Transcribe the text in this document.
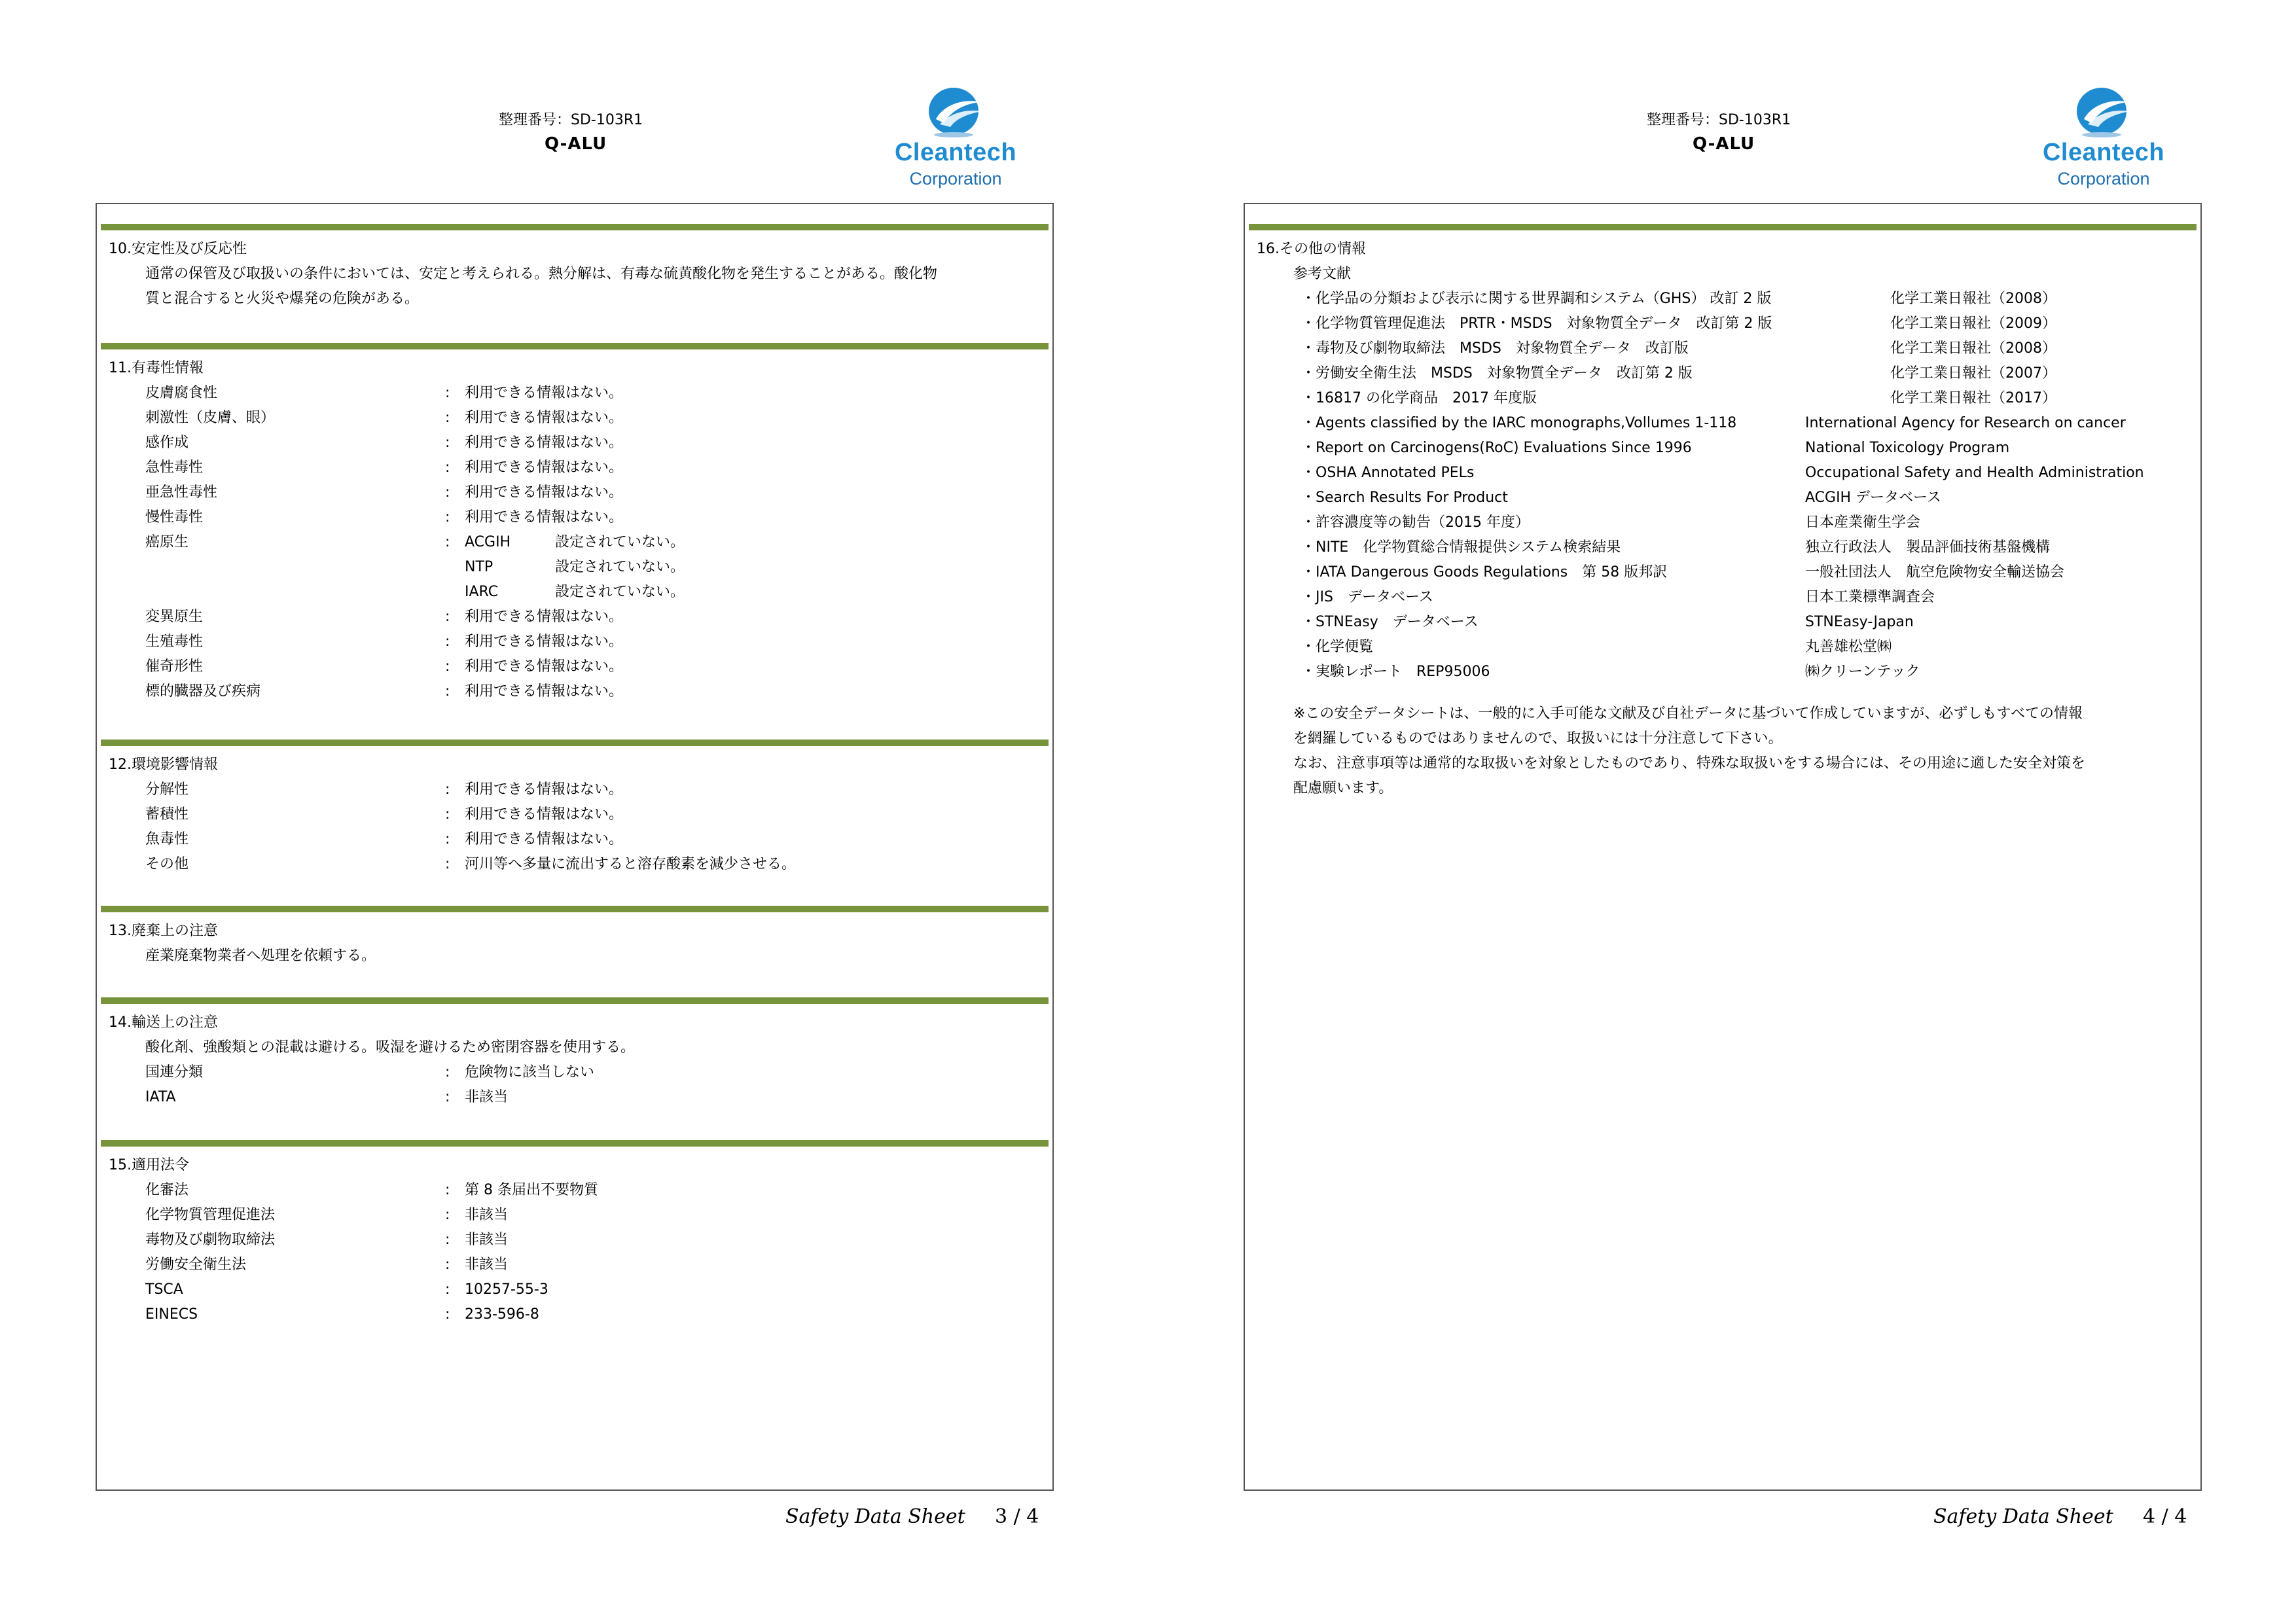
整理番号：SD-103R1
Q-ALU	Cleantech
Corporation
10.安定性及び反応性
通常の保管及び取扱いの条件においては、安定と考えられる。熱分解は、有毒な硫黄酸化物を発生することがある。酸化物
質と混合すると火災や爆発の危険がある。
11.有毒性情報
皮膚腐食性	: 利用できる情報はない。
刺激性（皮膚、眼）	: 利用できる情報はない。
感作成	: 利用できる情報はない。
急性毒性	: 利用できる情報はない。
亜急性毒性	: 利用できる情報はない。
慢性毒性	: 利用できる情報はない。
癌原生	: ACGIH	設定されていない。
NTP	設定されていない。
IARC	設定されていない。
変異原生	: 利用できる情報はない。
生殖毒性	: 利用できる情報はない。
催奇形性	: 利用できる情報はない。
標的臓器及び疾病	: 利用できる情報はない。
12.環境影響情報
分解性	: 利用できる情報はない。
蓄積性	: 利用できる情報はない。
魚毒性	: 利用できる情報はない。
その他	: 河川等へ多量に流出すると溶存酸素を減少させる。
13.廃棄上の注意
産業廃棄物業者へ処理を依頼する。
14.輸送上の注意
酸化剤、強酸類との混載は避ける。吸湿を避けるため密閉容器を使用する。
国連分類	: 危険物に該当しない
IATA	: 非該当
15.適用法令
化審法	: 第 8 条届出不要物質
化学物質管理促進法	: 非該当
毒物及び劇物取締法	: 非該当
労働安全衛生法	: 非該当
TSCA	: 10257-55-3
EINECS	: 233-596-8
Safety Data Sheet 3 / 4
整理番号：SD-103R1
Q-ALU	Cleantech
Corporation
16.その他の情報
参考文献
・化学品の分類および表示に関する世界調和システム（GHS） 改訂 2 版	化学工業日報社（2008）
・化学物質管理促進法　PRTR・MSDS　対象物質全データ　改訂第 2 版	化学工業日報社（2009）
・毒物及び劇物取締法　MSDS　対象物質全データ　改訂版	化学工業日報社（2008）
・労働安全衛生法　MSDS　対象物質全データ　改訂第 2 版	化学工業日報社（2007）
・16817 の化学商品　2017 年度版	化学工業日報社（2017）
・Agents classified by the IARC monographs,Vollumes 1-118	International Agency for Research on cancer
・Report on Carcinogens(RoC) Evaluations Since 1996	National Toxicology Program
・OSHA Annotated PELs	Occupational Safety and Health Administration
・Search Results For Product	ACGIH データベース
・許容濃度等の勧告（2015 年度）	日本産業衛生学会
・NITE　化学物質総合情報提供システム検索結果	独立行政法人　製品評価技術基盤機構
・IATA Dangerous Goods Regulations　第 58 版邦訳	一般社団法人　航空危険物安全輸送協会
・JIS　データベース	日本工業標準調査会
・STNEasy　データベース	STNEasy-Japan
・化学便覧	丸善雄松堂㈱
・実験レポート　REP95006	㈱クリーンテック
※この安全データシートは、一般的に入手可能な文献及び自社データに基づいて作成していますが、必ずしもすべての情報
を網羅しているものではありませんので、取扱いには十分注意して下さい。
なお、注意事項等は通常的な取扱いを対象としたものであり、特殊な取扱いをする場合には、その用途に適した安全対策を
配慮願います。
Safety Data Sheet 4 / 4
